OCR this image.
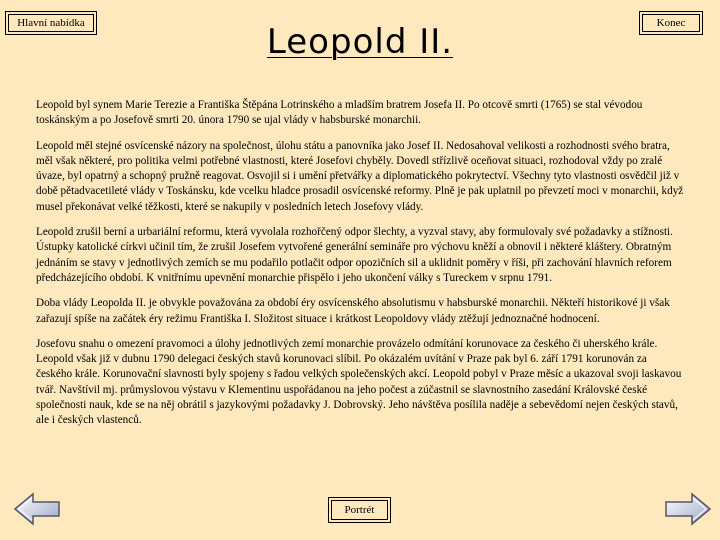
Hlavní nabídka	Konec
Leopold II.

Leopold byl synem Marie Terezie a Františka Štěpána Lotrinského a mladším bratrem Josefa II. Po otcově smrti (1765) se stal vévodou toskánským a po Josefově smrti 20. února 1790 se ujal vlády v habsburské monarchii.

Leopold měl stejné osvícenské názory na společnost, úlohu státu a panovníka jako Josef II. Nedosahoval velikosti a rozhodnosti svého bratra, měl však některé, pro politika velmi potřebné vlastnosti, které Josefovi chyběly. Dovedl střízlivě oceňovat situaci, rozhodoval vždy po zralé úvaze, byl opatrný a schopný pružně reagovat. Osvojil si i umění přetvářky a diplomatického pokrytectví. Všechny tyto vlastnosti osvědčil již v době pětadvacetileté vlády v Toskánsku, kde vcelku hladce prosadil osvícenské reformy. Plně je pak uplatnil po převzetí moci v monarchii, když musel překonávat velké těžkosti, které se nakupily v posledních letech Josefovy vlády.

Leopold zrušil berní a urbariální reformu, která vyvolala rozhořčený odpor šlechty, a vyzval stavy, aby formulovaly své požadavky a stížnosti. Ústupky katolické církvi učinil tím, že zrušil Josefem vytvořené generální semináře pro výchovu kněží a obnovil i některé kláštery. Obratným jednáním se stavy v jednotlivých zemích se mu podařilo potlačit odpor opozičních sil a uklidnit poměry v říši, při zachování hlavních reforem předcházejícího období. K vnitřnímu upevnění monarchie přispělo i jeho ukončení války s Tureckem v srpnu 1791.

Doba vlády Leopolda II. je obvykle považována za období éry osvícenského absolutismu v habsburské monarchii. Někteří historikové ji však zařazují spíše na začátek éry režimu Františka I. Složitost situace i krátkost Leopoldovy vlády ztěžují jednoznačné hodnocení.

Josefovu snahu o omezení pravomoci a úlohy jednotlivých zemí monarchie provázelo odmítání korunovace za českého či uherského krále. Leopold však již v dubnu 1790 delegaci českých stavů korunovaci slíbil. Po okázalém uvítání v Praze pak byl 6. září 1791 korunován za českého krále. Korunovační slavnosti byly spojeny s řadou velkých společenských akcí. Leopold pobyl v Praze měsíc a ukazoval svoji laskavou tvář. Navštívil mj. průmyslovou výstavu v Klementinu uspořádanou na jeho počest a zúčastnil se slavnostního zasedání Královské české společnosti nauk, kde se na něj obrátil s jazykovými požadavky J. Dobrovský. Jeho návštěva posílila naděje a sebevědomí nejen českých stavů, ale i českých vlastenců.

Portrét
